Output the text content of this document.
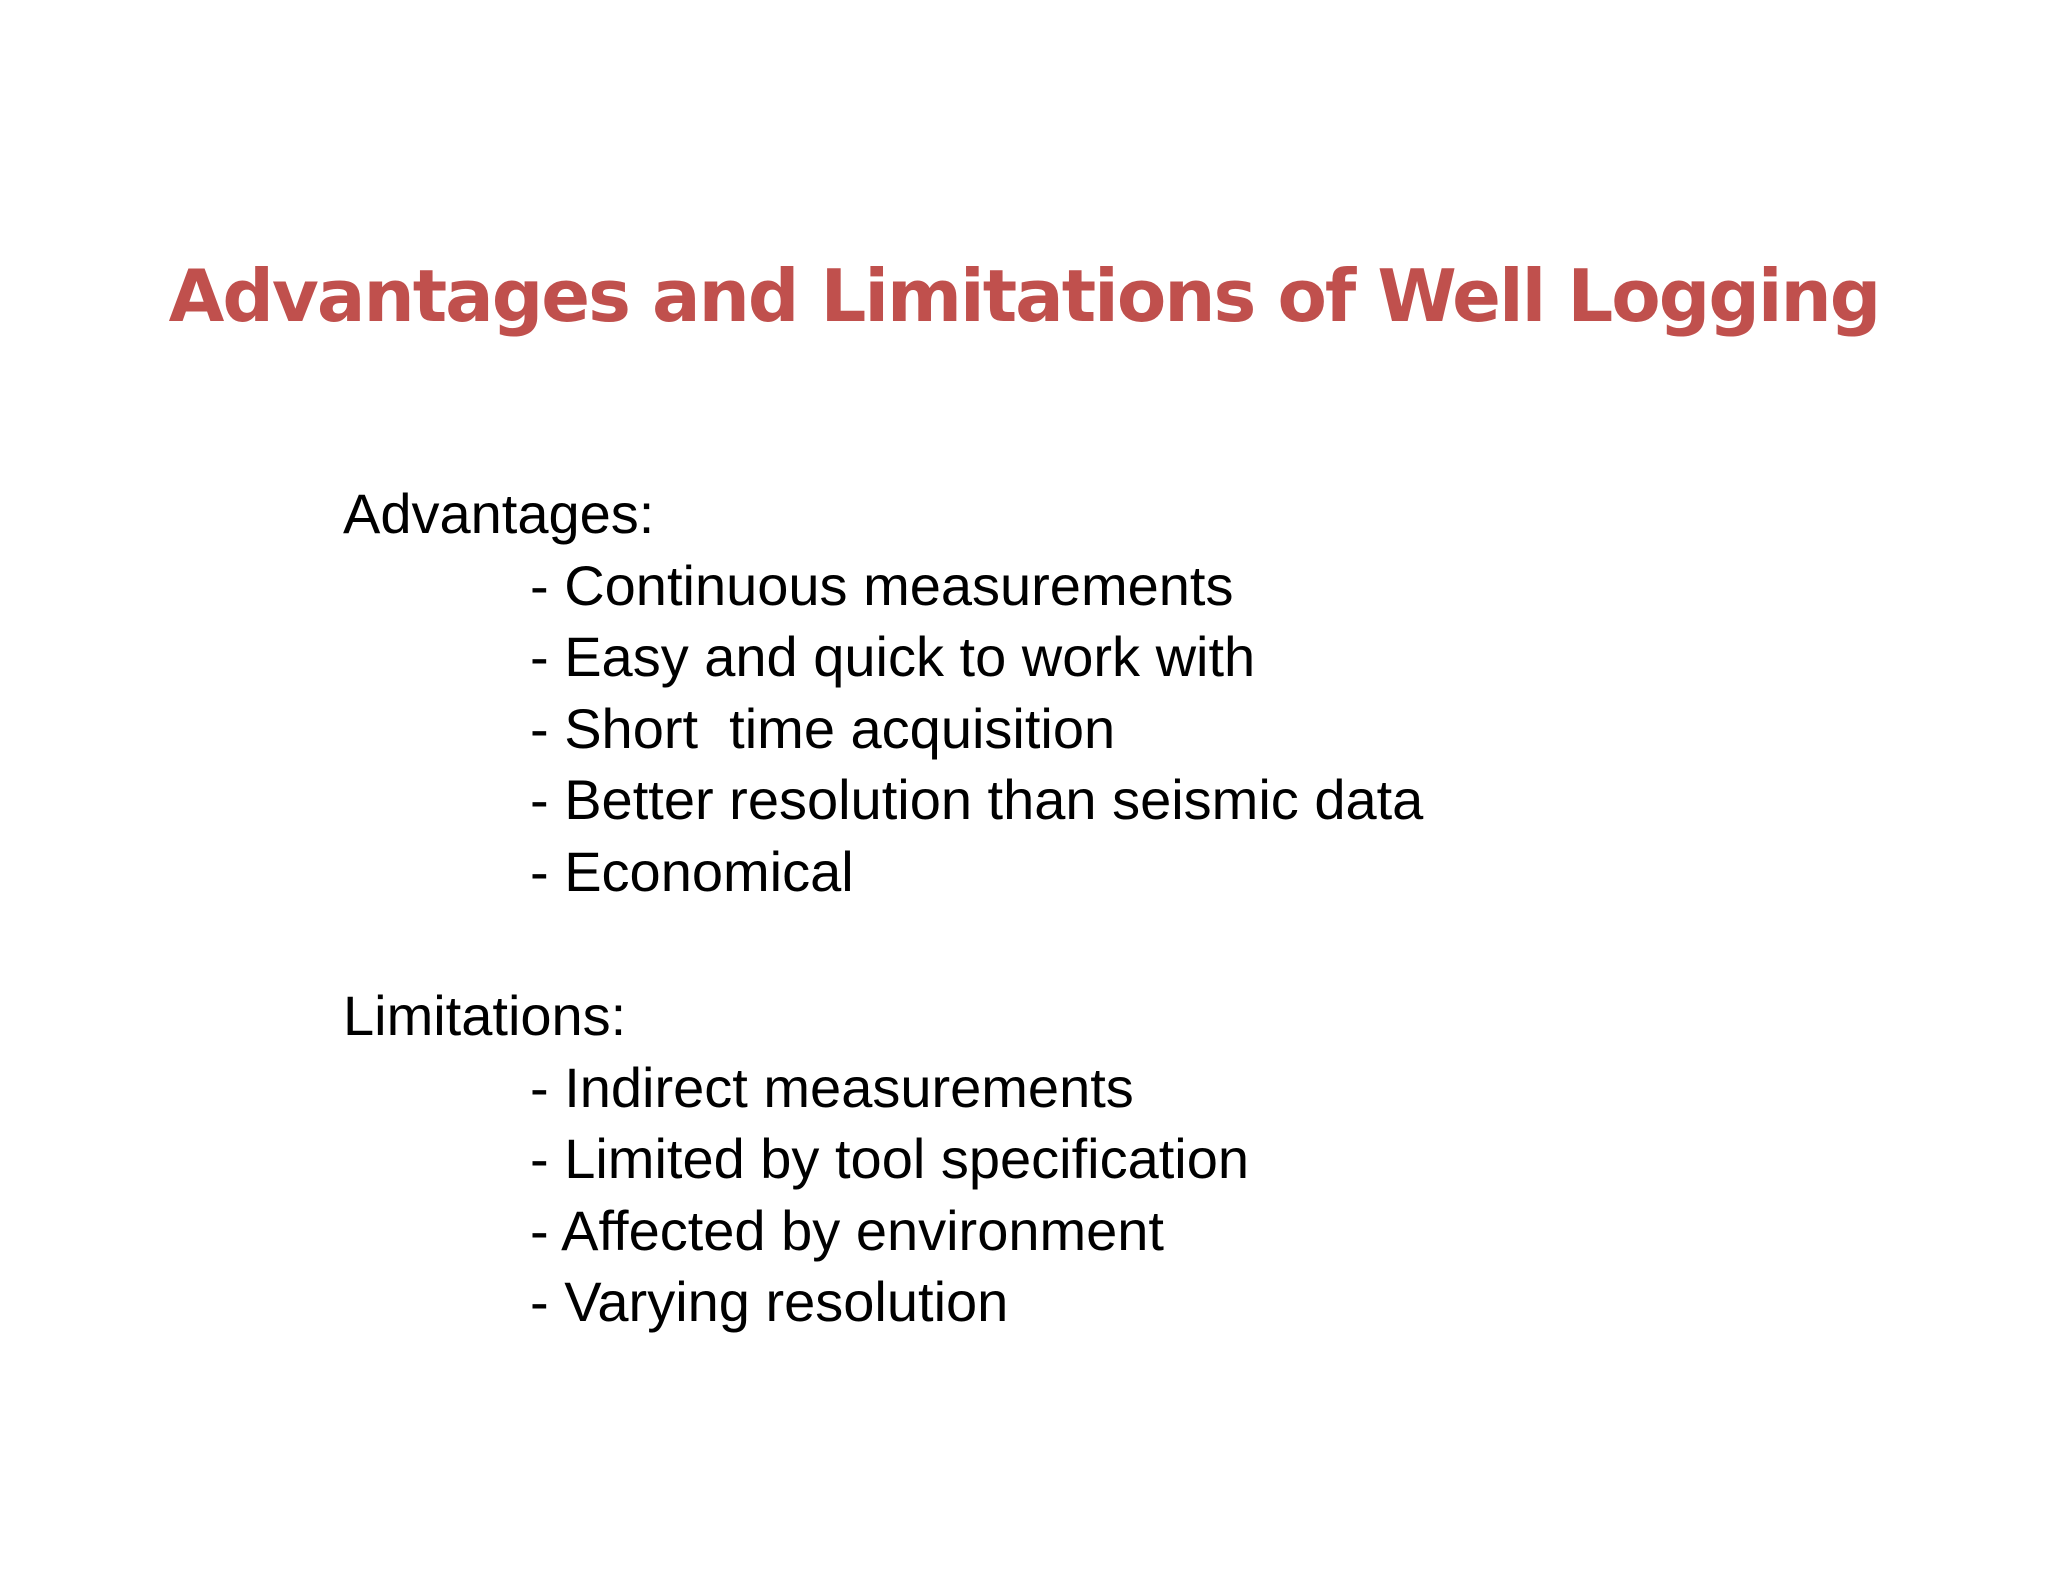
Advantages and Limitations of Well Logging
Advantages:
- Continuous measurements
- Easy and quick to work with
- Short  time acquisition
- Better resolution than seismic data
- Economical
Limitations:
- Indirect measurements
- Limited by tool specification
- Affected by environment
- Varying resolution
